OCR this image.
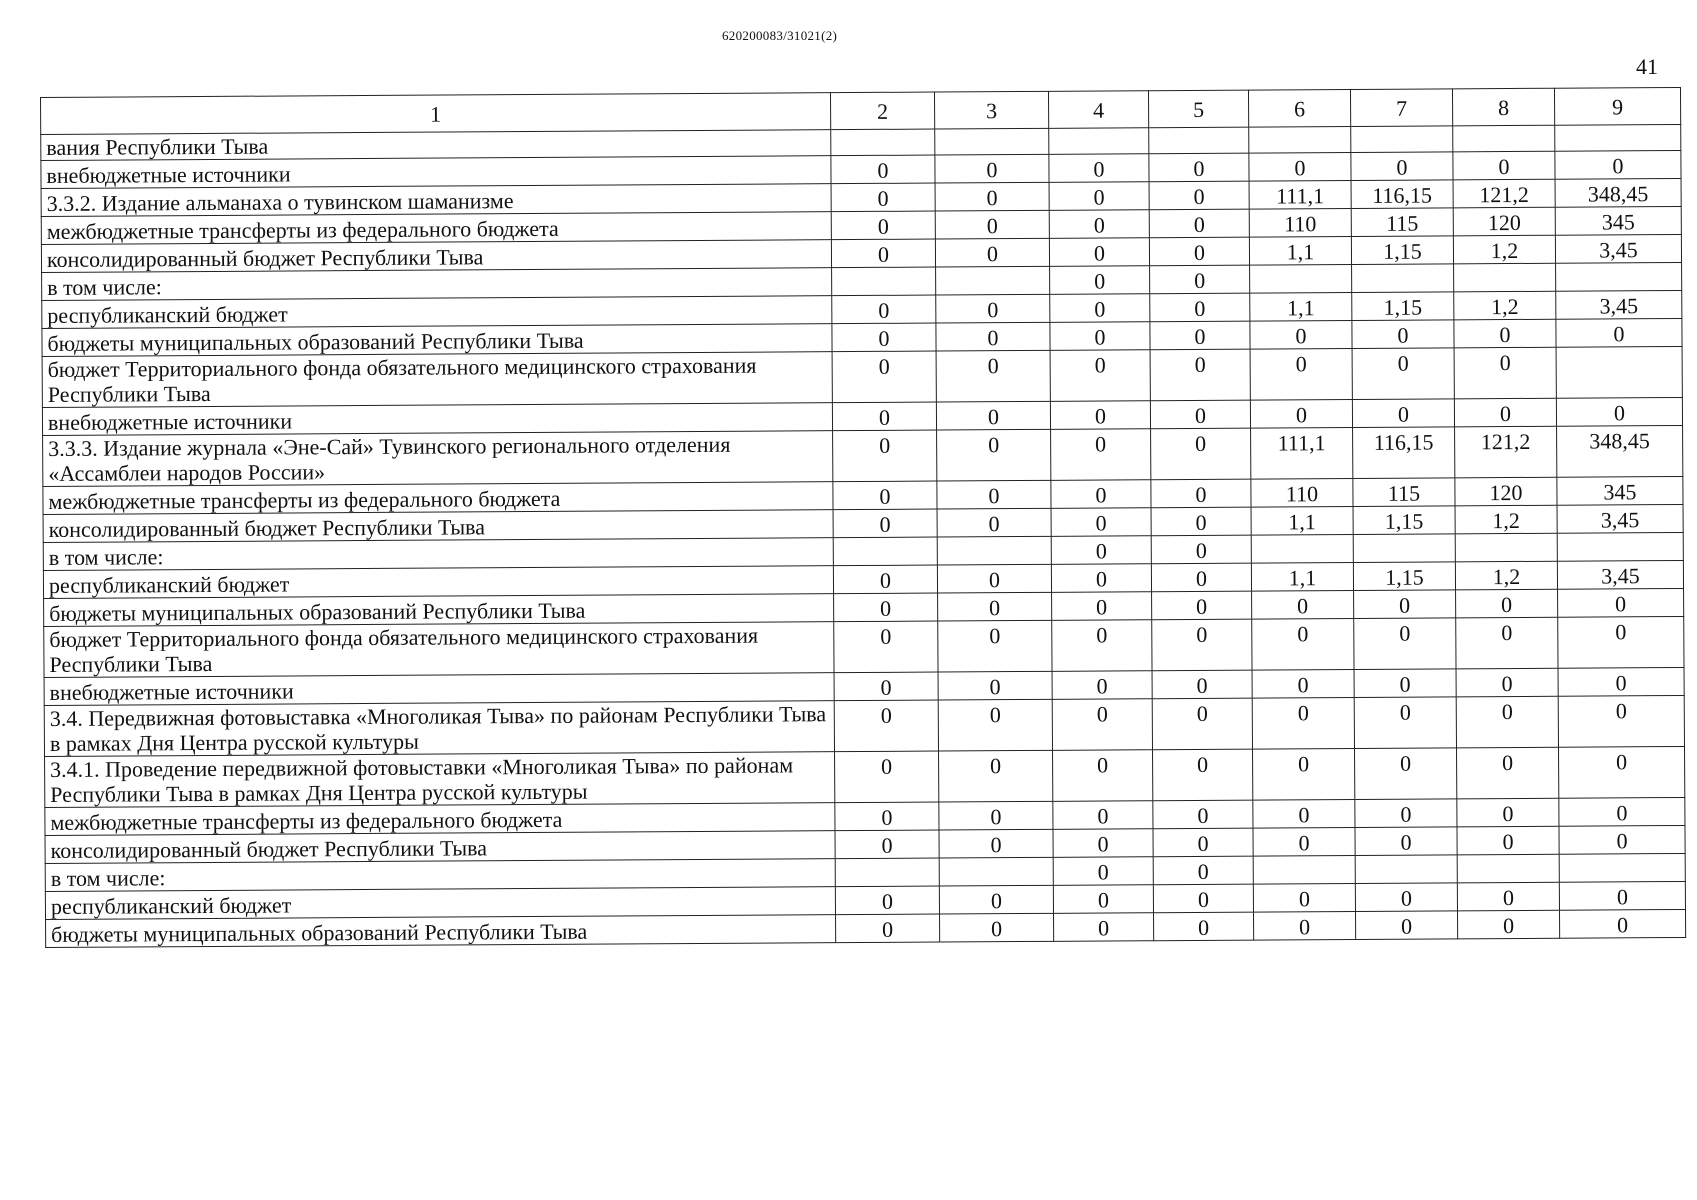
620200083/31021(2)
41
1	2	3	4	5	6	7	8	9
вания Республики Тыва								
внебюджетные источники	0	0	0	0	0	0	0	0
3.3.2. Издание альманаха о тувинском шаманизме	0	0	0	0	111,1	116,15	121,2	348,45
межбюджетные трансферты из федерального бюджета	0	0	0	0	110	115	120	345
консолидированный бюджет Республики Тыва	0	0	0	0	1,1	1,15	1,2	3,45
в том числе:			0	0				
республиканский бюджет	0	0	0	0	1,1	1,15	1,2	3,45
бюджеты муниципальных образований Республики Тыва	0	0	0	0	0	0	0	0
бюджет Территориального фонда обязательного медицинского страхования Республики Тыва	0	0	0	0	0	0	0	
внебюджетные источники	0	0	0	0	0	0	0	0
3.3.3. Издание журнала «Эне-Сай» Тувинского регионального отделения «Ассамблеи народов России»	0	0	0	0	111,1	116,15	121,2	348,45
межбюджетные трансферты из федерального бюджета	0	0	0	0	110	115	120	345
консолидированный бюджет Республики Тыва	0	0	0	0	1,1	1,15	1,2	3,45
в том числе:			0	0				
республиканский бюджет	0	0	0	0	1,1	1,15	1,2	3,45
бюджеты муниципальных образований Республики Тыва	0	0	0	0	0	0	0	0
бюджет Территориального фонда обязательного медицинского страхования Республики Тыва	0	0	0	0	0	0	0	0
внебюджетные источники	0	0	0	0	0	0	0	0
3.4. Передвижная фотовыставка «Многоликая Тыва» по районам Республики Тыва в рамках Дня Центра русской культуры	0	0	0	0	0	0	0	0
3.4.1. Проведение передвижной фотовыставки «Многоликая Тыва» по районам Республики Тыва в рамках Дня Центра русской культуры	0	0	0	0	0	0	0	0
межбюджетные трансферты из федерального бюджета	0	0	0	0	0	0	0	0
консолидированный бюджет Республики Тыва	0	0	0	0	0	0	0	0
в том числе:			0	0				
республиканский бюджет	0	0	0	0	0	0	0	0
бюджеты муниципальных образований Республики Тыва	0	0	0	0	0	0	0	0
